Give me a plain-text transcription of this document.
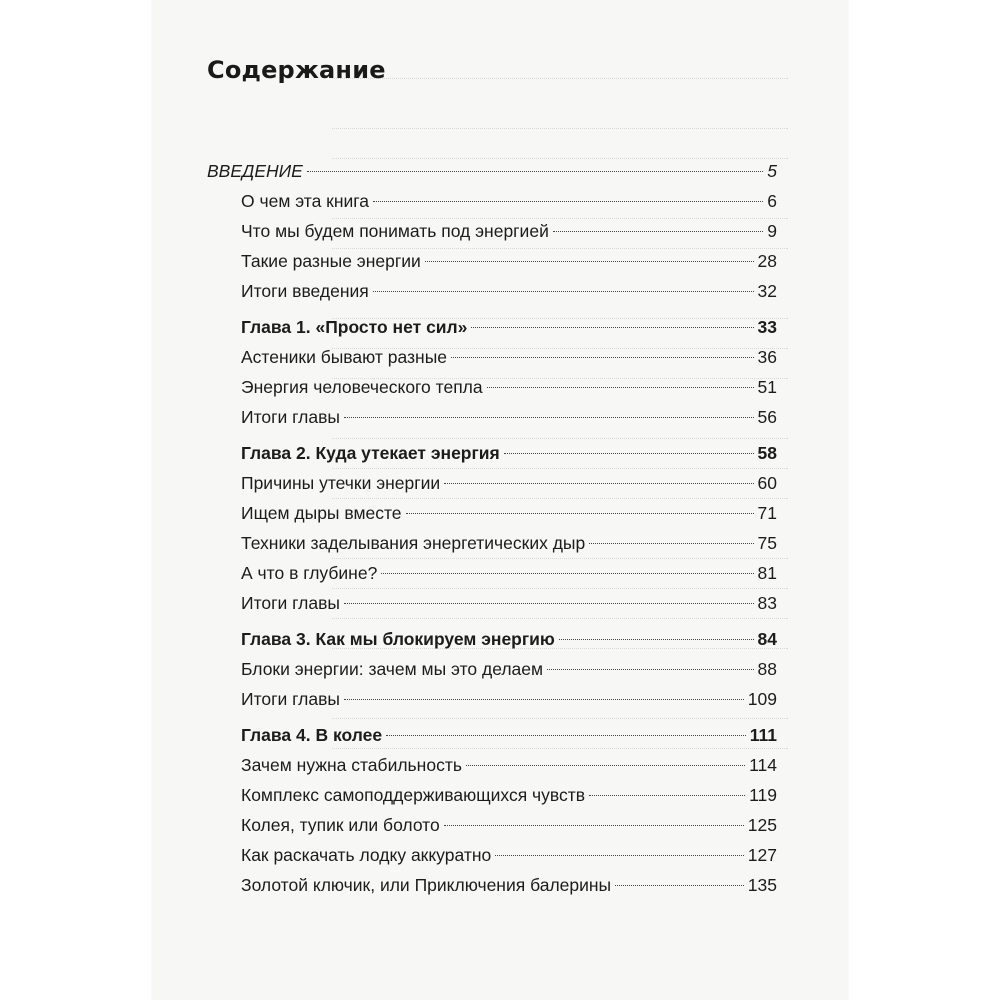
Содержание
ВВЕДЕНИЕ	5
О чем эта книга	6
Что мы будем понимать под энергией	9
Такие разные энергии	28
Итоги введения	32
Глава 1. «Просто нет сил»	33
Астеники бывают разные	36
Энергия человеческого тепла	51
Итоги главы	56
Глава 2. Куда утекает энергия	58
Причины утечки энергии	60
Ищем дыры вместе	71
Техники заделывания энергетических дыр	75
А что в глубине?	81
Итоги главы	83
Глава 3. Как мы блокируем энергию	84
Блоки энергии: зачем мы это делаем	88
Итоги главы	109
Глава 4. В колее	111
Зачем нужна стабильность	114
Комплекс самоподдерживающихся чувств	119
Колея, тупик или болото	125
Как раскачать лодку аккуратно	127
Золотой ключик, или Приключения балерины	135
